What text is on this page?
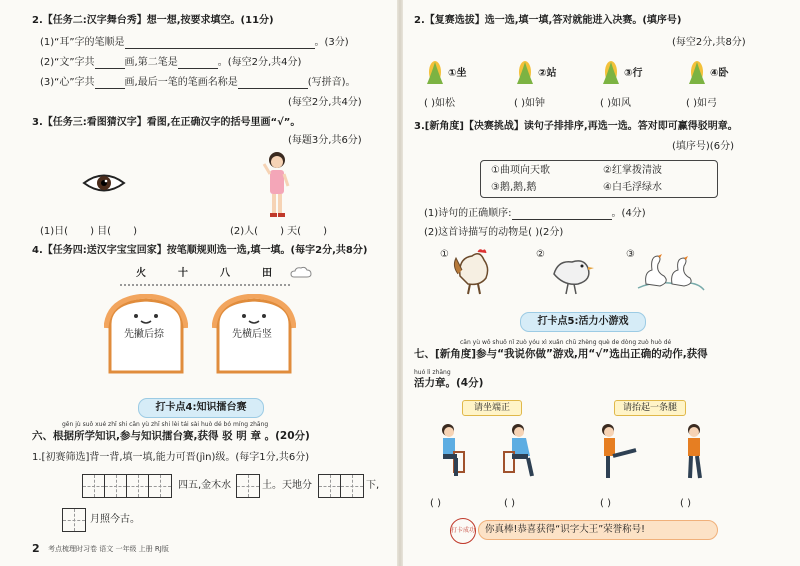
2.【任务二:汉字舞台秀】想一想,按要求填空。(11分)
(1)“耳”字的笔顺是	。(3分)
(2)“文”字共	画,第二笔是	。(每空2分,共4分)
(3)“心”字共	画,最后一笔的笔画名称是	(写拼音)。
(每空2分,共4分)
3.【任务三:看图猜汉字】看图,在正确汉字的括号里画“√”。
(每题3分,共6分)
(1)日( ) 目( )	(2)人( ) 天( )
4.【任务四:送汉字宝宝回家】按笔顺规则选一选,填一填。(每字2分,共8分)
火	十	八	田
先撇后捺	先横后竖
打卡点4:知识擂台赛
gēn jù suǒ xué zhī shi cān yù zhī shi lèi tái sài huò dé bó míng zhāng
六、根据所学知识,参与知识擂台赛,获得 驳 明 章 。(20分)
1.[初赛筛选]背一背,填一填,能力可晋(jìn)级。(每字1分,共6分)
四五,金木水	土。天地分	下,
月照今古。
2 考点梳理时习卷 语文 一年级 上册 RJ版
2.【复赛选拔】选一选,填一填,答对就能进入决赛。(填序号)
(每空2分,共8分)
①坐	②站	③行	④卧
( )如松	( )如钟	( )如风	( )如弓
3.[新角度]【决赛挑战】读句子排排序,再选一选。答对即可赢得驳明章。
(填序号)(6分)
①曲项向天歌	②红掌拨清波
③鹅,鹅,鹅	④白毛浮绿水
(1)诗句的正确顺序:	。(4分)
(2)这首诗描写的动物是( )(2分)
①	②	③
打卡点5:活力小游戏
cān yù wǒ shuō nǐ zuò yóu xì xuǎn chū zhèng què de dòng zuò huò dé
七、[新角度]参与“我说你做”游戏,用“√”选出正确的动作,获得
huó lì zhāng
活力章。(4分)
请坐端正	请抬起一条腿
( )	( )	( )	( )
打卡成功	你真棒!恭喜获得“识字大王”荣誉称号!
